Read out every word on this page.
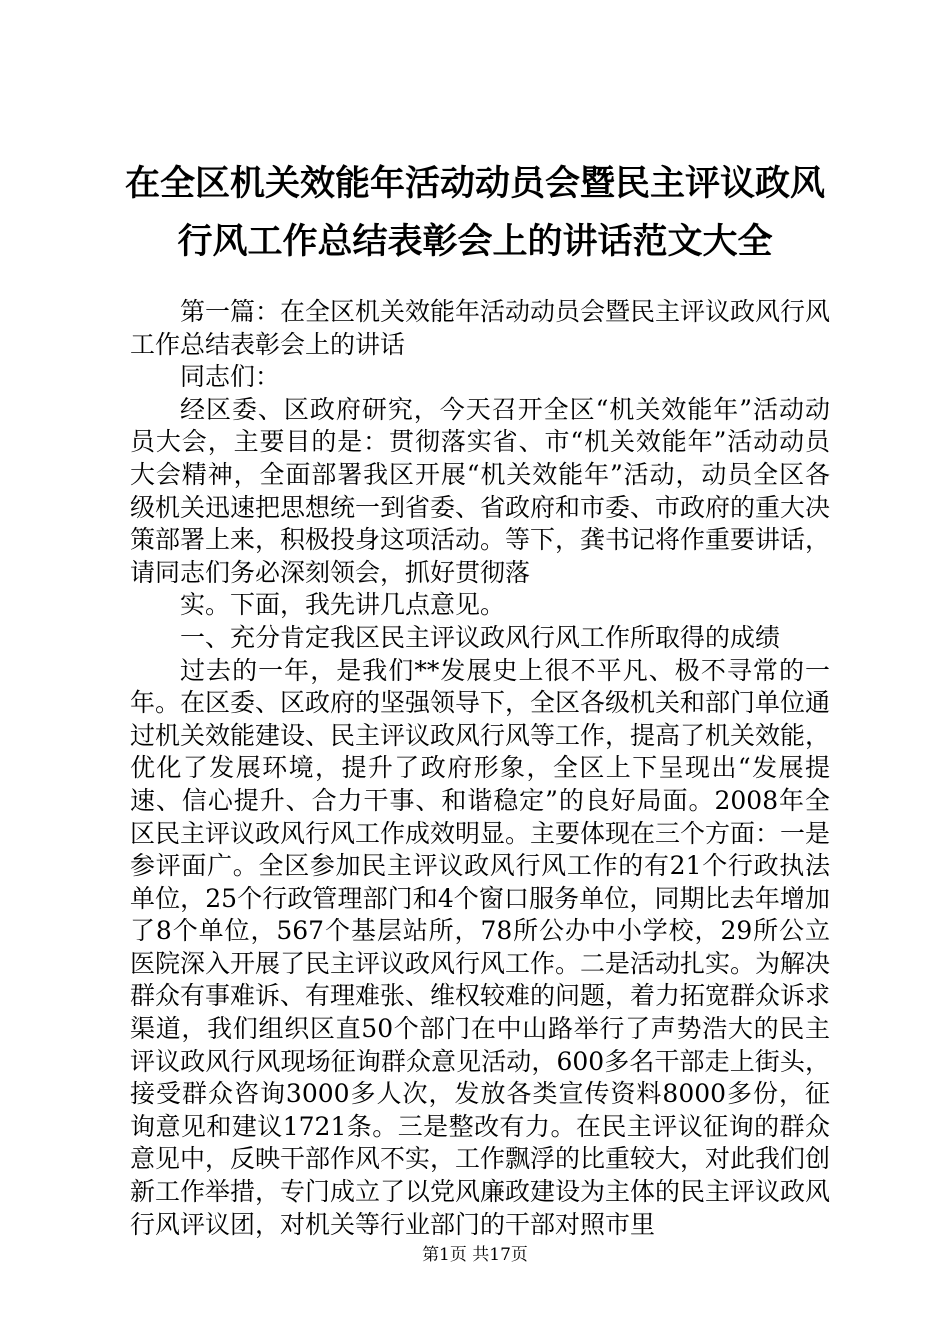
在全区机关效能年活动动员会暨民主评议政风
行风工作总结表彰会上的讲话范文大全

第一篇：在全区机关效能年活动动员会暨民主评议政风行风工作总结表彰会上的讲话

同志们：

经区委、区政府研究，今天召开全区“机关效能年”活动动员大会，主要目的是：贯彻落实省、市“机关效能年”活动动员大会精神，全面部署我区开展“机关效能年”活动，动员全区各级机关迅速把思想统一到省委、省政府和市委、市政府的重大决策部署上来，积极投身这项活动。等下，龚书记将作重要讲话，请同志们务必深刻领会，抓好贯彻落

实。下面，我先讲几点意见。

一、充分肯定我区民主评议政风行风工作所取得的成绩

过去的一年，是我们**发展史上很不平凡、极不寻常的一年。在区委、区政府的坚强领导下，全区各级机关和部门单位通过机关效能建设、民主评议政风行风等工作，提高了机关效能，优化了发展环境，提升了政府形象，全区上下呈现出“发展提速、信心提升、合力干事、和谐稳定”的良好局面。2008年全区民主评议政风行风工作成效明显。主要体现在三个方面：一是参评面广。全区参加民主评议政风行风工作的有21个行政执法单位，25个行政管理部门和4个窗口服务单位，同期比去年增加了8个单位，567个基层站所，78所公办中小学校，29所公立医院深入开展了民主评议政风行风工作。二是活动扎实。为解决群众有事难诉、有理难张、维权较难的问题，着力拓宽群众诉求渠道，我们组织区直50个部门在中山路举行了声势浩大的民主评议政风行风现场征询群众意见活动，600多名干部走上街头，接受群众咨询3000多人次，发放各类宣传资料8000多份，征询意见和建议1721条。三是整改有力。在民主评议征询的群众意见中，反映干部作风不实，工作飘浮的比重较大，对此我们创新工作举措，专门成立了以党风廉政建设为主体的民主评议政风行风评议团，对机关等行业部门的干部对照市里

第1页 共17页
